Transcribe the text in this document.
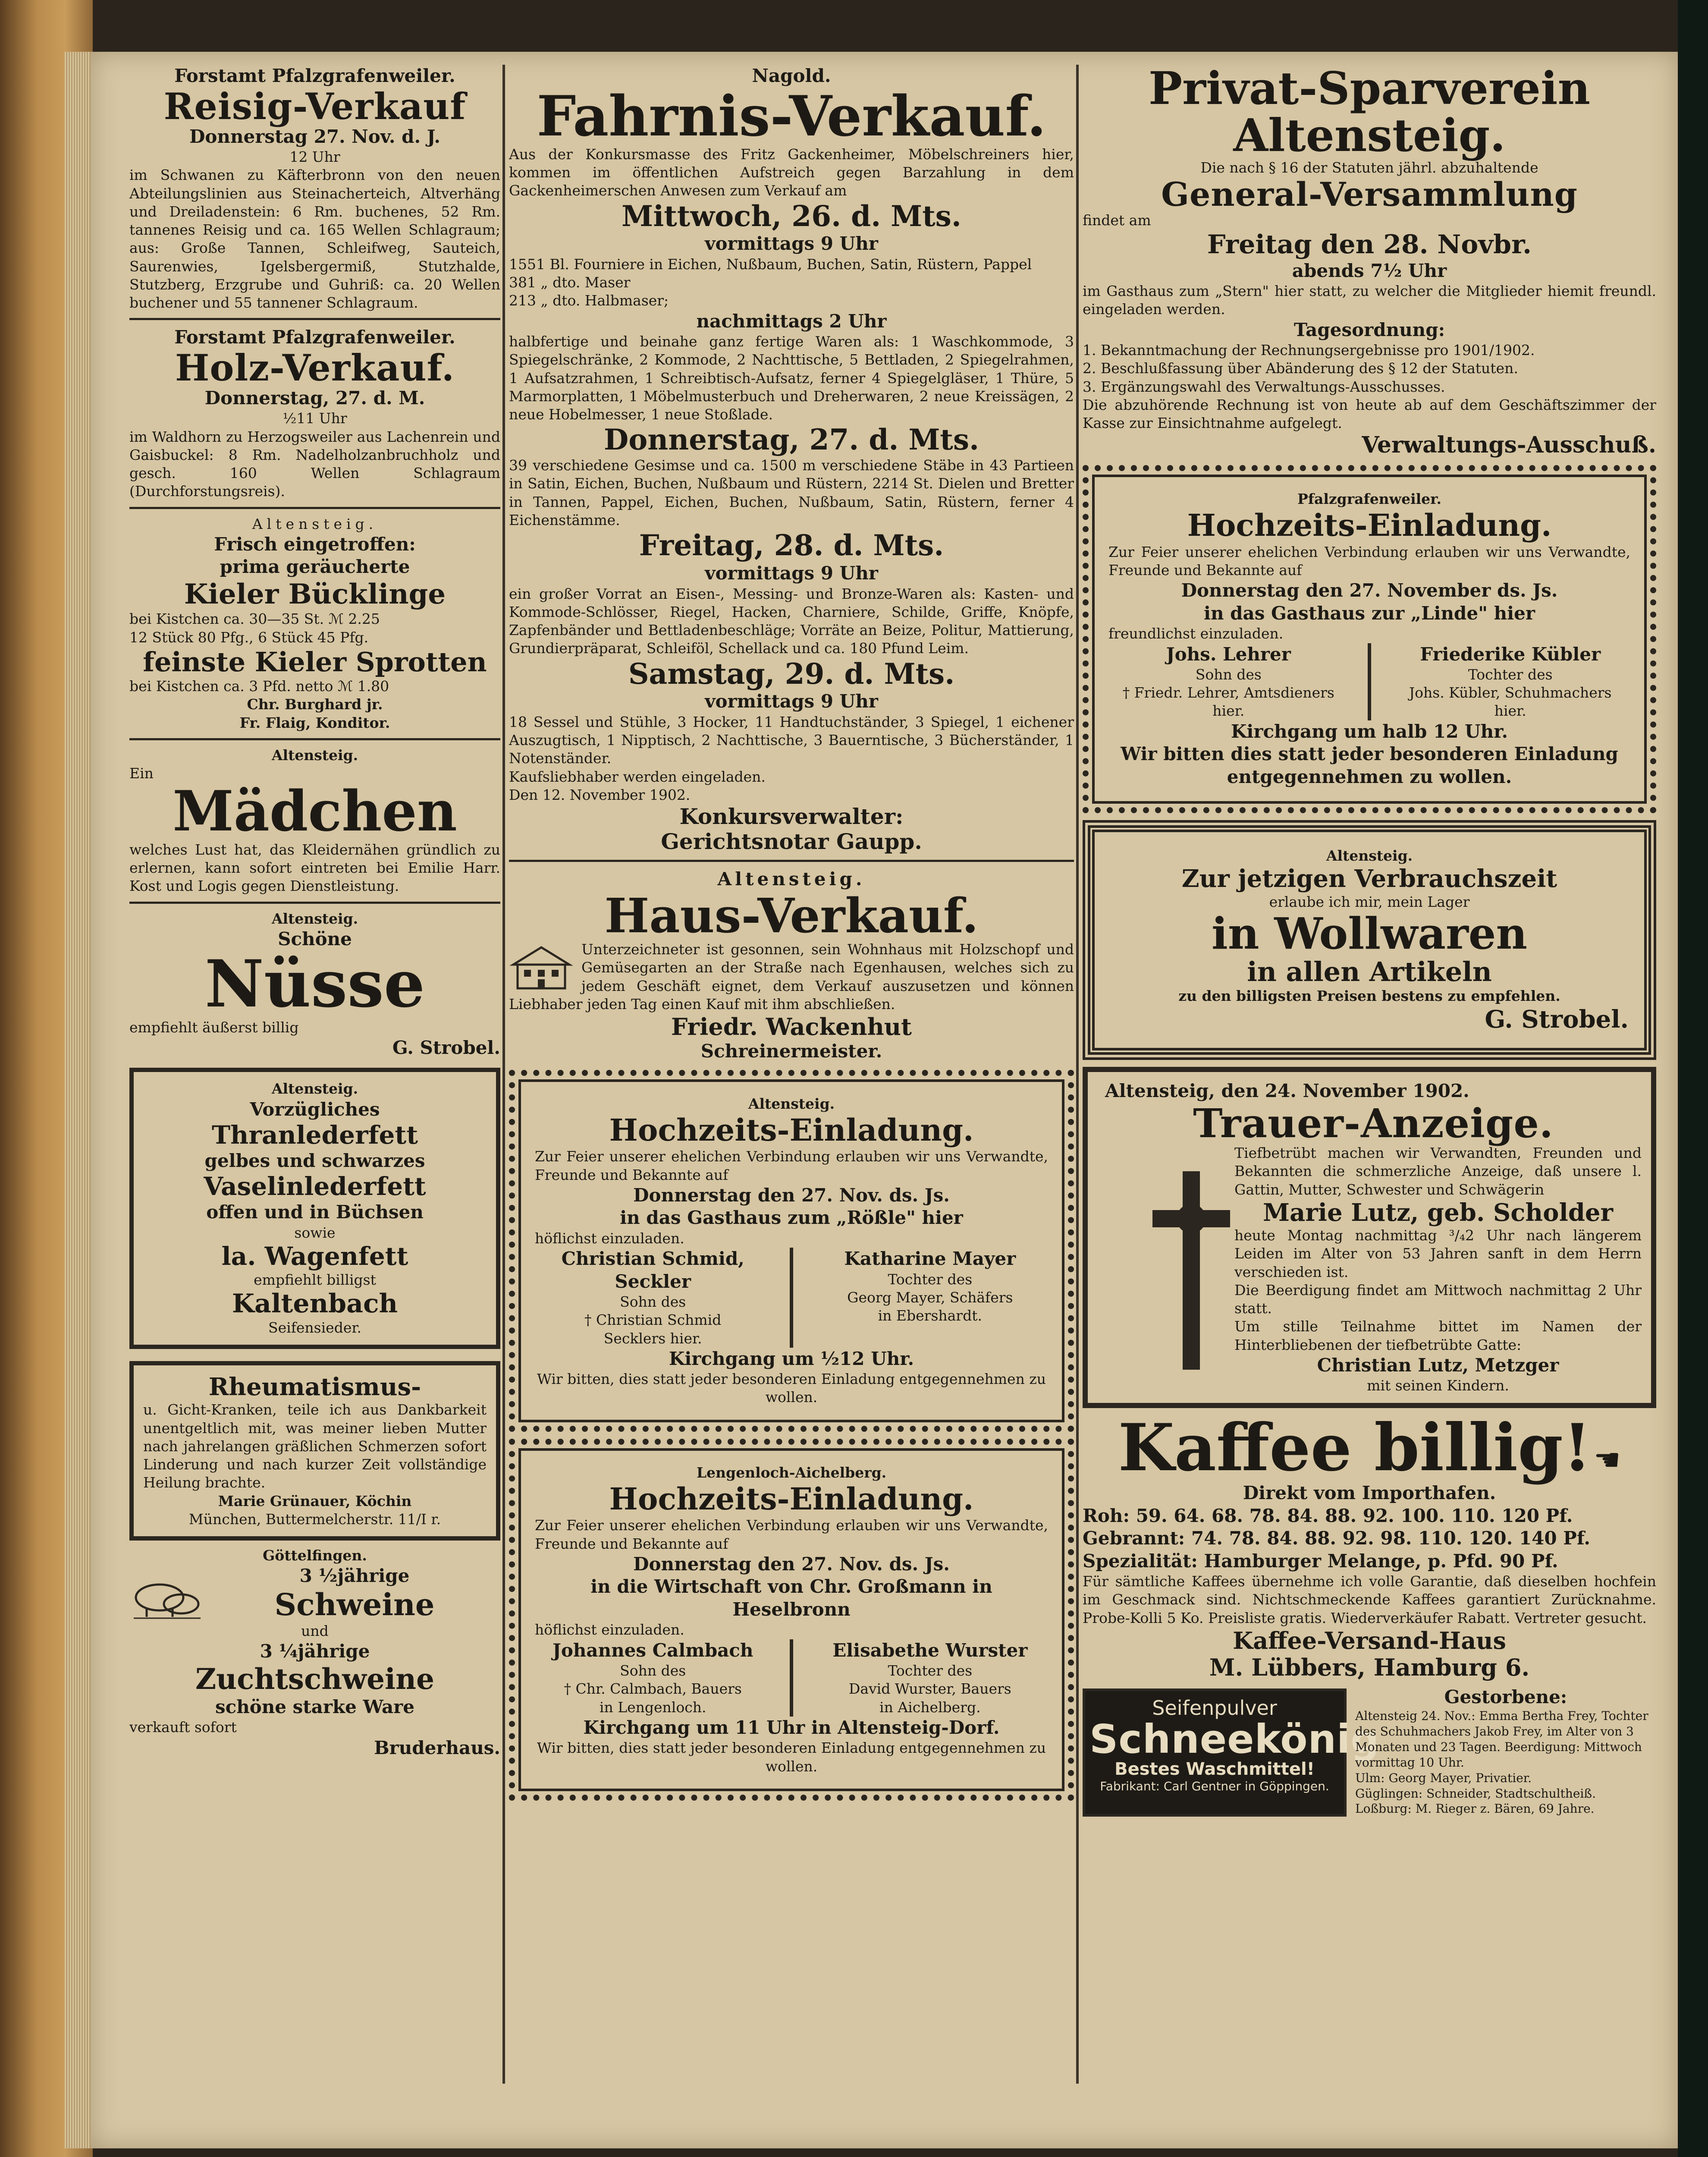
Forstamt Pfalzgrafenweiler.
Reisig-Verkauf
Donnerstag 27. Nov. d. J.
12 Uhr
im Schwanen zu Käfterbronn von den neuen Abteilungslinien aus Steinacherteich, Altverhäng und Dreiladenstein: 6 Rm. buchenes, 52 Rm. tannenes Reisig und ca. 165 Wellen Schlagraum; aus: Große Tannen, Schleifweg, Sauteich, Saurenwies, Igelsbergermiß, Stutzhalde, Stutzberg, Erzgrube und Guhriß: ca. 20 Wellen buchener und 55 tannener Schlagraum.
Forstamt Pfalzgrafenweiler.
Holz-Verkauf.
Donnerstag, 27. d. M.
½11 Uhr
im Waldhorn zu Herzogsweiler aus Lachenrein und Gaisbuckel: 8 Rm. Nadelholzanbruchholz und gesch. 160 Wellen Schlagraum (Durchforstungsreis).
Altensteig.
Frisch eingetroffen:
prima geräucherte
Kieler Bücklinge
bei Kistchen ca. 30—35 St. ℳ 2.25
12 Stück 80 Pfg., 6 Stück 45 Pfg.
feinste Kieler Sprotten
bei Kistchen ca. 3 Pfd. netto ℳ 1.80
Chr. Burghard jr.
Fr. Flaig, Konditor.
Altensteig.
Ein
Mädchen
welches Lust hat, das Kleidernähen gründlich zu erlernen, kann sofort eintreten bei Emilie Harr. Kost und Logis gegen Dienstleistung.
Altensteig.
Schöne
Nüsse
empfiehlt äußerst billig
G. Strobel.
Altensteig.
Vorzügliches
Thranlederfett
gelbes und schwarzes
Vaselinlederfett
offen und in Büchsen
sowie
la. Wagenfett
empfiehlt billigst
Kaltenbach
Seifensieder.
Rheumatismus-
u. Gicht-Kranken, teile ich aus Dankbarkeit unentgeltlich mit, was meiner lieben Mutter nach jahrelangen gräßlichen Schmerzen sofort Linderung und nach kurzer Zeit vollständige Heilung brachte.
Marie Grünauer, Köchin
München, Buttermelcherstr. 11/I r.
Göttelfingen.
3 ½jährige
Schweine
und
3 ¼jährige
Zuchtschweine
schöne starke Ware
verkauft sofort
Bruderhaus.
Nagold.
Fahrnis-Verkauf.
Aus der Konkursmasse des Fritz Gackenheimer, Möbelschreiners hier, kommen im öffentlichen Aufstreich gegen Barzahlung in dem Gackenheimerschen Anwesen zum Verkauf am
Mittwoch, 26. d. Mts.
vormittags 9 Uhr
1551 Bl. Fourniere in Eichen, Nußbaum, Buchen, Satin, Rüstern, Pappel
381 „ dto. Maser
213 „ dto. Halbmaser;
nachmittags 2 Uhr
halbfertige und beinahe ganz fertige Waren als: 1 Waschkommode, 3 Spiegelschränke, 2 Kommode, 2 Nachttische, 5 Bettladen, 2 Spiegelrahmen, 1 Aufsatzrahmen, 1 Schreibtisch-Aufsatz, ferner 4 Spiegelgläser, 1 Thüre, 5 Marmorplatten, 1 Möbelmusterbuch und Dreherwaren, 2 neue Kreissägen, 2 neue Hobelmesser, 1 neue Stoßlade.
Donnerstag, 27. d. Mts.
39 verschiedene Gesimse und ca. 1500 m verschiedene Stäbe in 43 Partieen in Satin, Eichen, Buchen, Nußbaum und Rüstern, 2214 St. Dielen und Bretter in Tannen, Pappel, Eichen, Buchen, Nußbaum, Satin, Rüstern, ferner 4 Eichenstämme.
Freitag, 28. d. Mts.
vormittags 9 Uhr
ein großer Vorrat an Eisen-, Messing- und Bronze-Waren als: Kasten- und Kommode-Schlösser, Riegel, Hacken, Charniere, Schilde, Griffe, Knöpfe, Zapfenbänder und Bettladenbeschläge; Vorräte an Beize, Politur, Mattierung, Grundierpräparat, Schleiföl, Schellack und ca. 180 Pfund Leim.
Samstag, 29. d. Mts.
vormittags 9 Uhr
18 Sessel und Stühle, 3 Hocker, 11 Handtuchständer, 3 Spiegel, 1 eichener Auszugtisch, 1 Nipptisch, 2 Nachttische, 3 Bauerntische, 3 Bücherständer, 1 Notenständer.
Kaufsliebhaber werden eingeladen.
Den 12. November 1902.
Konkursverwalter:
Gerichtsnotar Gaupp.
Altensteig.
Haus-Verkauf.
Unterzeichneter ist gesonnen, sein Wohnhaus mit Holzschopf und Gemüsegarten an der Straße nach Egenhausen, welches sich zu jedem Geschäft eignet, dem Verkauf auszusetzen und können Liebhaber jeden Tag einen Kauf mit ihm abschließen.
Friedr. Wackenhut
Schreinermeister.
Altensteig.
Hochzeits-Einladung.
Zur Feier unserer ehelichen Verbindung erlauben wir uns Verwandte, Freunde und Bekannte auf
Donnerstag den 27. Nov. ds. Js.
in das Gasthaus zum „Rößle" hier
höflichst einzuladen.
Christian Schmid, Seckler
Sohn des
† Christian Schmid
Secklers hier.
Katharine Mayer
Tochter des
Georg Mayer, Schäfers
in Ebershardt.
Kirchgang um ½12 Uhr.
Wir bitten, dies statt jeder besonderen Einladung entgegennehmen zu wollen.
Lengenloch-Aichelberg.
Hochzeits-Einladung.
Zur Feier unserer ehelichen Verbindung erlauben wir uns Verwandte, Freunde und Bekannte auf
Donnerstag den 27. Nov. ds. Js.
in die Wirtschaft von Chr. Großmann in Heselbronn
höflichst einzuladen.
Johannes Calmbach
Sohn des
† Chr. Calmbach, Bauers
in Lengenloch.
Elisabethe Wurster
Tochter des
David Wurster, Bauers
in Aichelberg.
Kirchgang um 11 Uhr in Altensteig-Dorf.
Wir bitten, dies statt jeder besonderen Einladung entgegennehmen zu wollen.
Privat-Sparverein Altensteig.
Die nach § 16 der Statuten jährl. abzuhaltende
General-Versammlung
findet am
Freitag den 28. Novbr.
abends 7½ Uhr
im Gasthaus zum „Stern" hier statt, zu welcher die Mitglieder hiemit freundl. eingeladen werden.
Tagesordnung:
1. Bekanntmachung der Rechnungsergebnisse pro 1901/1902.
2. Beschlußfassung über Abänderung des § 12 der Statuten.
3. Ergänzungswahl des Verwaltungs-Ausschusses.
Die abzuhörende Rechnung ist von heute ab auf dem Geschäftszimmer der Kasse zur Einsichtnahme aufgelegt.
Verwaltungs-Ausschuß.
Pfalzgrafenweiler.
Hochzeits-Einladung.
Zur Feier unserer ehelichen Verbindung erlauben wir uns Verwandte, Freunde und Bekannte auf
Donnerstag den 27. November ds. Js.
in das Gasthaus zur „Linde" hier
freundlichst einzuladen.
Johs. Lehrer
Sohn des
† Friedr. Lehrer, Amtsdieners
hier.
Friederike Kübler
Tochter des
Johs. Kübler, Schuhmachers
hier.
Kirchgang um halb 12 Uhr.
Wir bitten dies statt jeder besonderen Einladung entgegennehmen zu wollen.
Altensteig.
Zur jetzigen Verbrauchszeit
erlaube ich mir, mein Lager
in Wollwaren
in allen Artikeln
zu den billigsten Preisen bestens zu empfehlen.
G. Strobel.
Altensteig, den 24. November 1902.
Trauer-Anzeige.
Tiefbetrübt machen wir Verwandten, Freunden und Bekannten die schmerzliche Anzeige, daß unsere l. Gattin, Mutter, Schwester und Schwägerin
Marie Lutz, geb. Scholder
heute Montag nachmittag ³/₄2 Uhr nach längerem Leiden im Alter von 53 Jahren sanft in dem Herrn verschieden ist.
Die Beerdigung findet am Mittwoch nachmittag 2 Uhr statt.
Um stille Teilnahme bittet im Namen der Hinterbliebenen der tiefbetrübte Gatte:
Christian Lutz, Metzger
mit seinen Kindern.
Kaffee billig! ☚
Direkt vom Importhafen.
Roh: 59. 64. 68. 78. 84. 88. 92. 100. 110. 120 Pf.
Gebrannt: 74. 78. 84. 88. 92. 98. 110. 120. 140 Pf.
Spezialität: Hamburger Melange, p. Pfd. 90 Pf.
Für sämtliche Kaffees übernehme ich volle Garantie, daß dieselben hochfein im Geschmack sind. Nichtschmeckende Kaffees garantiert Zurücknahme. Probe-Kolli 5 Ko. Preisliste gratis. Wiederverkäufer Rabatt. Vertreter gesucht.
Kaffee-Versand-Haus
M. Lübbers, Hamburg 6.
Seifenpulver
Schneekönig
Bestes Waschmittel!
Fabrikant: Carl Gentner in Göppingen.
Gestorbene:
Altensteig 24. Nov.: Emma Bertha Frey, Tochter des Schuhmachers Jakob Frey, im Alter von 3 Monaten und 23 Tagen. Beerdigung: Mittwoch vormittag 10 Uhr.
Ulm: Georg Mayer, Privatier.
Güglingen: Schneider, Stadtschultheiß.
Loßburg: M. Rieger z. Bären, 69 Jahre.
